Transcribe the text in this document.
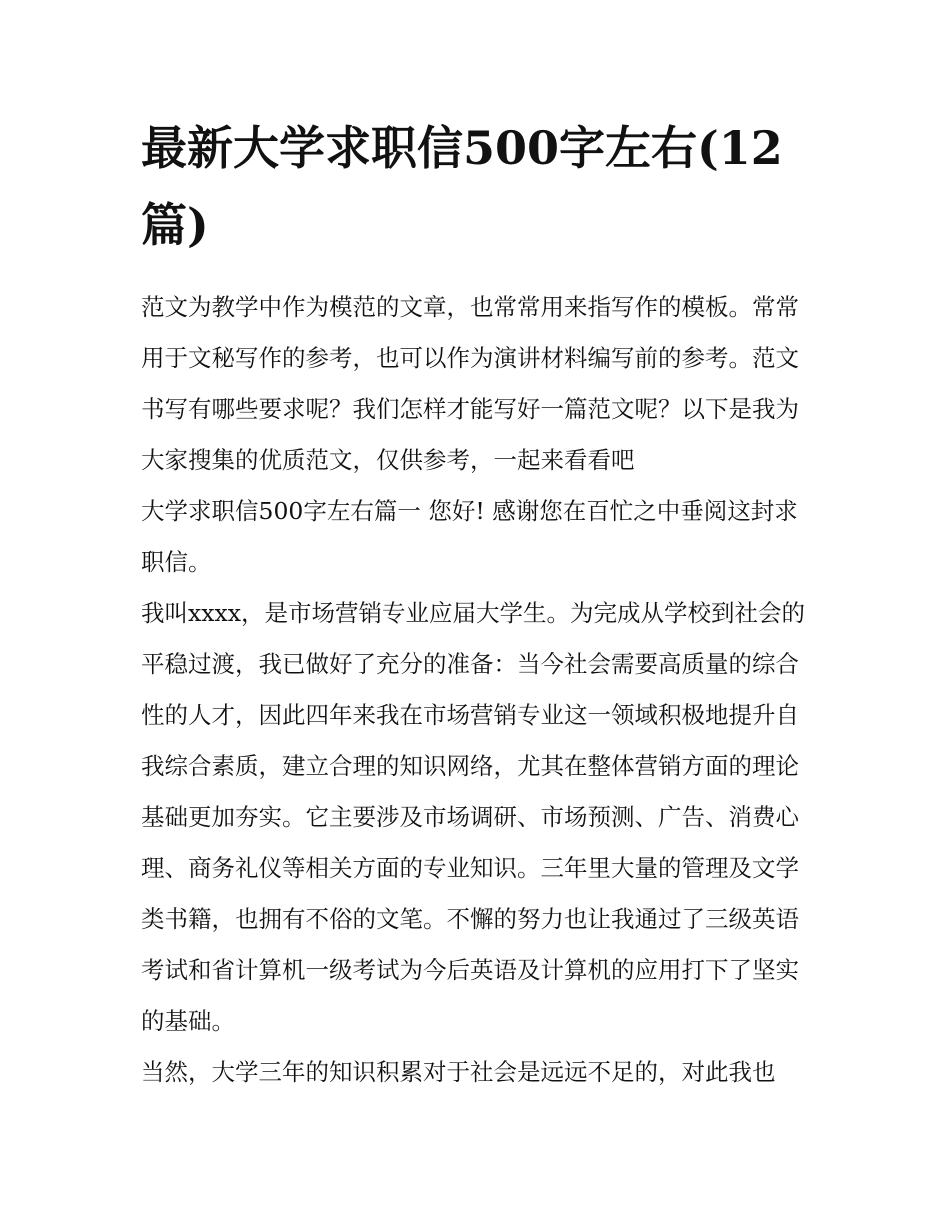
最新大学求职信500字左右(12篇)

范文为教学中作为模范的文章，也常常用来指写作的模板。常常用于文秘写作的参考，也可以作为演讲材料编写前的参考。范文书写有哪些要求呢？我们怎样才能写好一篇范文呢？以下是我为大家搜集的优质范文，仅供参考，一起来看看吧

大学求职信500字左右篇一 您好! 感谢您在百忙之中垂阅这封求职信。

我叫xxxx，是市场营销专业应届大学生。为完成从学校到社会的平稳过渡，我已做好了充分的准备：当今社会需要高质量的综合性的人才，因此四年来我在市场营销专业这一领域积极地提升自我综合素质，建立合理的知识网络，尤其在整体营销方面的理论基础更加夯实。它主要涉及市场调研、市场预测、广告、消费心理、商务礼仪等相关方面的专业知识。三年里大量的管理及文学类书籍，也拥有不俗的文笔。不懈的努力也让我通过了三级英语考试和省计算机一级考试为今后英语及计算机的应用打下了坚实的基础。

当然，大学三年的知识积累对于社会是远远不足的，对此我也
